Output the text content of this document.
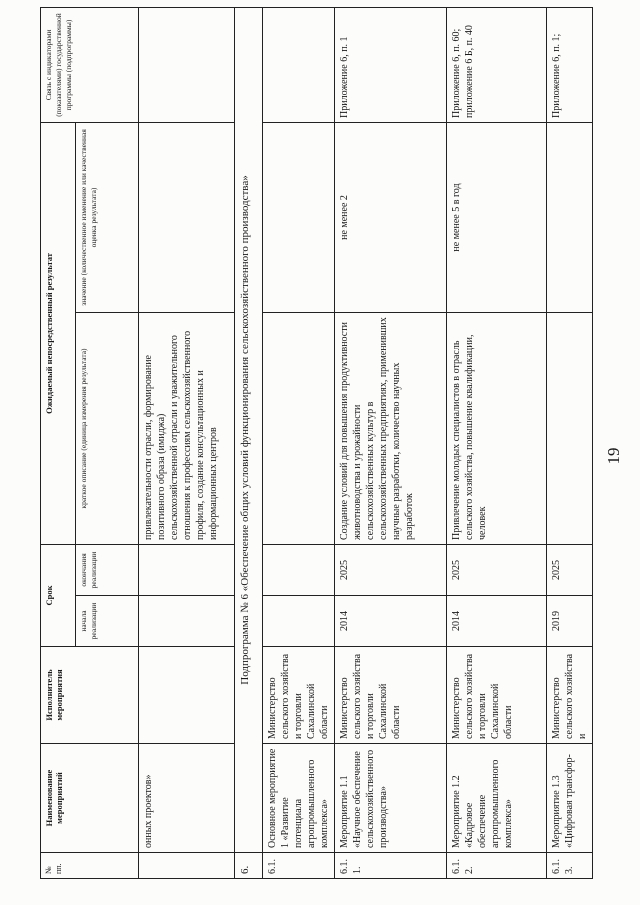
19
№ пп.	Наименование мероприятий	Исполнитель мероприятия	Срок		Ожидаемый непосредственный результат		Связь с индикаторами (показателями) государственной программы (подпрограммы)
			начала реализации	окончания реализации	краткое описание (единица измерения результата)	значение (количественное изменение или качественная оценка результата)	
	онных проектов»				привлекательности отрасли, формирование позитивного образа (имиджа) сельскохозяйственной отрасли и уважительного отношения к профессиям сельскохозяйственного профиля, создание консультационных и информационных центров		
6.	Подпрограмма № 6 «Обеспечение общих условий функционирования сельскохозяйственного производства»						
6.1.	Основное мероприятие 1 «Развитие потенциала агропромышленного комплекса»	Министерство сельского хозяйства и торговли Сахалинской области					
6.1.1.	Мероприятие 1.1 «Научное обеспечение сельскохозяйственного производства»	Министерство сельского хозяйства и торговли Сахалинской области	2014	2025	Создание условий для повышения продуктивности животноводства и урожайности сельскохозяйственных культур в сельскохозяйственных предприятиях, применивших научные разработки, количество научных разработок	не менее 2	Приложение 6, п. 1
6.1.2.	Мероприятие 1.2 «Кадровое обеспечение агропромышленного комплекса»	Министерство сельского хозяйства и торговли Сахалинской области	2014	2025	Привлечение молодых специалистов в отрасль сельского хозяйства, повышение квалификации, человек	не менее 5 в год	Приложение 6, п. 60; приложение 6 Б, п. 40
6.1.3.	Мероприятие 1.3 «Цифровая трансфор-	Министерство сельского хозяйства и	2019	2025			Приложение 6, п. 1;
